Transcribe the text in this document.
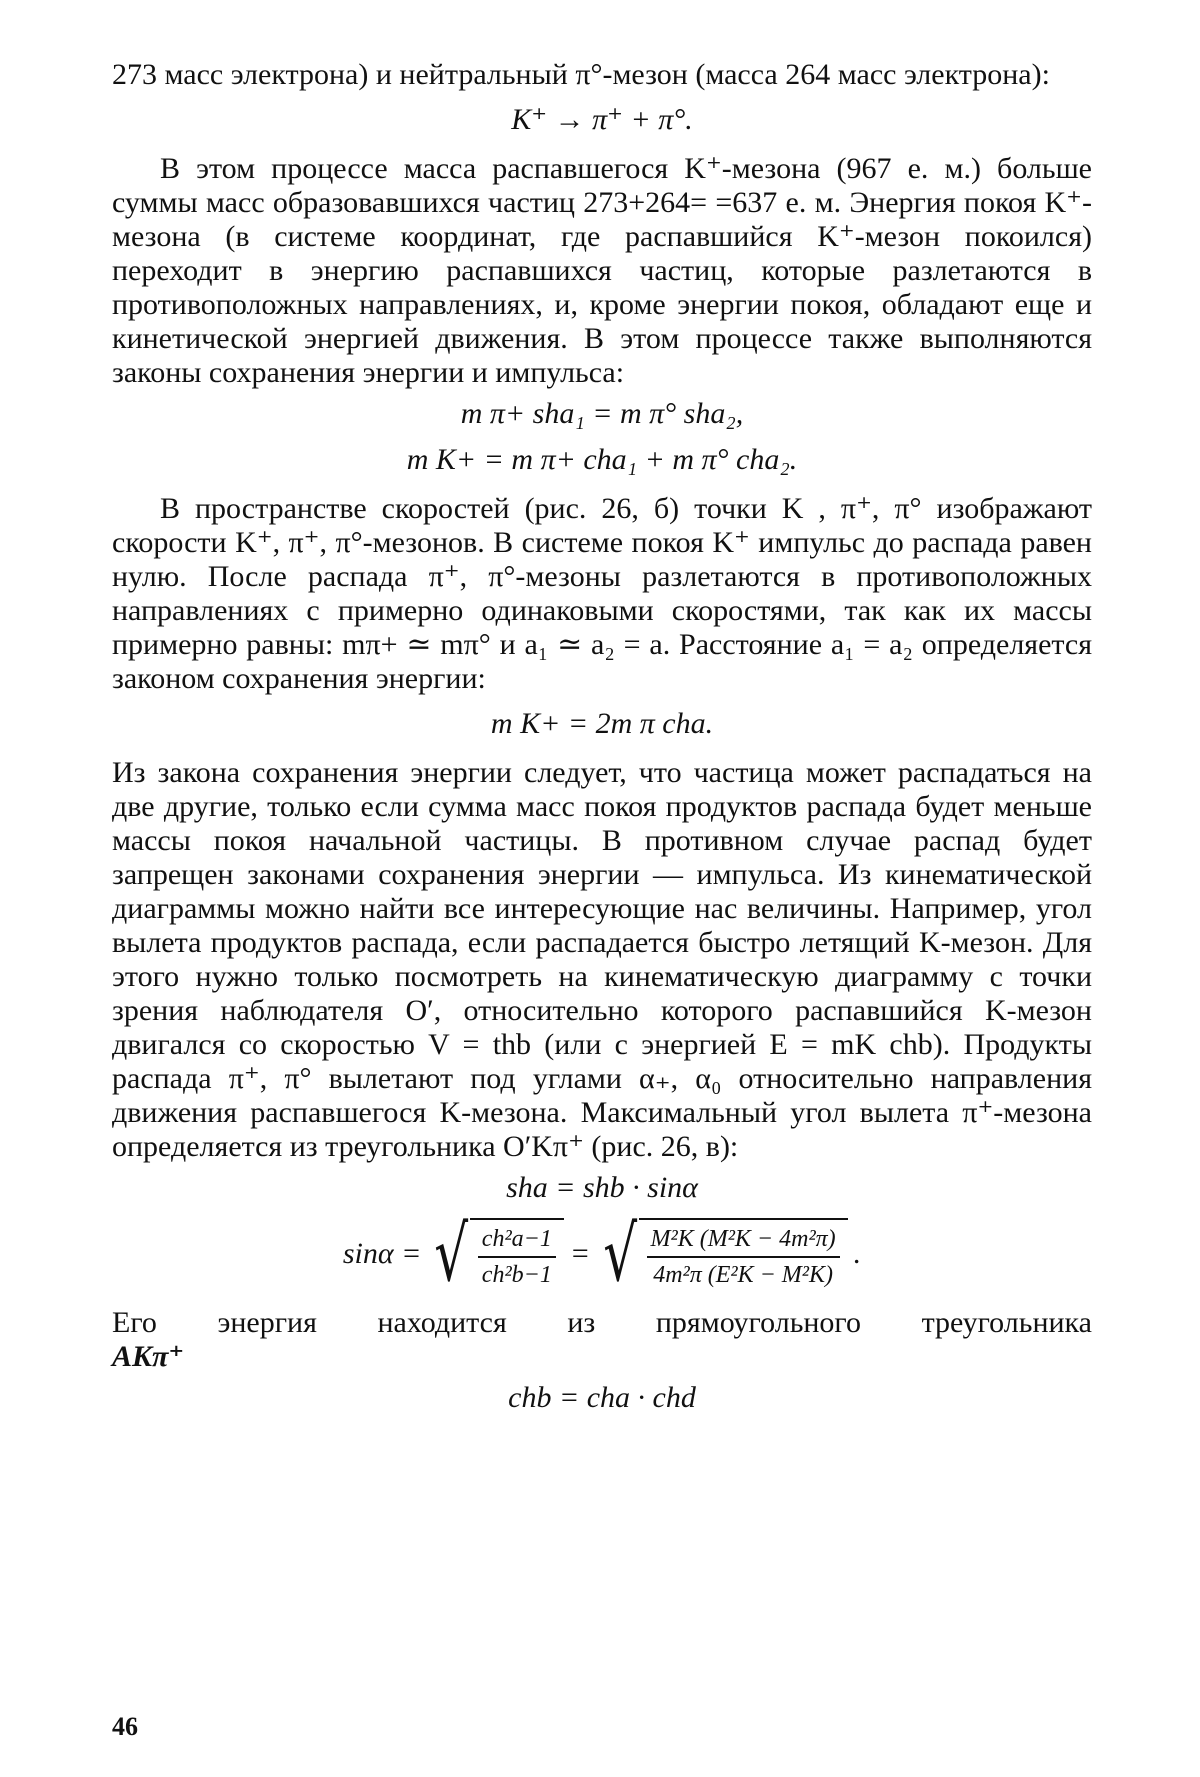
273 масс электрона) и нейтральный π°-мезон (масса 264 масс электрона):

K⁺ → π⁺ + π°.

В этом процессе масса распавшегося K⁺-мезона (967 е. м.) больше суммы масс образовавшихся частиц 273+264= =637 е. м. Энергия покоя K⁺-мезона (в системе координат, где распавшийся K⁺-мезон покоился) переходит в энергию распавшихся частиц, которые разлетаются в противоположных направлениях, и, кроме энергии покоя, обладают еще и кинетической энергией движения. В этом процессе также выполняются законы сохранения энергии и импульса:

m π+ sha₁ = m π° sha₂,
m K+ = m π+ cha₁ + m π° cha₂.

В пространстве скоростей (рис. 26, б) точки K , π⁺, π° изображают скорости K⁺, π⁺, π°-мезонов. В системе покоя K⁺ импульс до распада равен нулю. После распада π⁺, π°-мезоны разлетаются в противоположных направлениях с примерно одинаковыми скоростями, так как их массы примерно равны: mπ+ ≃ mπ° и a₁ ≃ a₂ = a. Расстояние a₁ = a₂ определяется законом сохранения энергии:

m K+ = 2m π cha.

Из закона сохранения энергии следует, что частица может распадаться на две другие, только если сумма масс покоя продуктов распада будет меньше массы покоя начальной частицы. В противном случае распад будет запрещен законами сохранения энергии — импульса. Из кинематической диаграммы можно найти все интересующие нас величины. Например, угол вылета продуктов распада, если распадается быстро летящий K-мезон. Для этого нужно только посмотреть на кинематическую диаграмму с точки зрения наблюдателя O′, относительно которого распавшийся K-мезон двигался со скоростью V = thb (или с энергией E = mK chb). Продукты распада π⁺, π° вылетают под углами α₊, α₀ относительно направления движения распавшегося K-мезона. Максимальный угол вылета π⁺-мезона определяется из треугольника O′Kπ⁺ (рис. 26, в):

sha = shb · sinα
sinα = √ $\frac{\text{ch²a−1}}{\text{ch²b−1}}$ = √ $\frac{\text{M²K (M²K − 4m²π)}}{\text{4m²π (E²K − M²K)}}$ .
Его энергия находится из прямоугольного треугольника

AKπ⁺

chb = cha · chd
46
